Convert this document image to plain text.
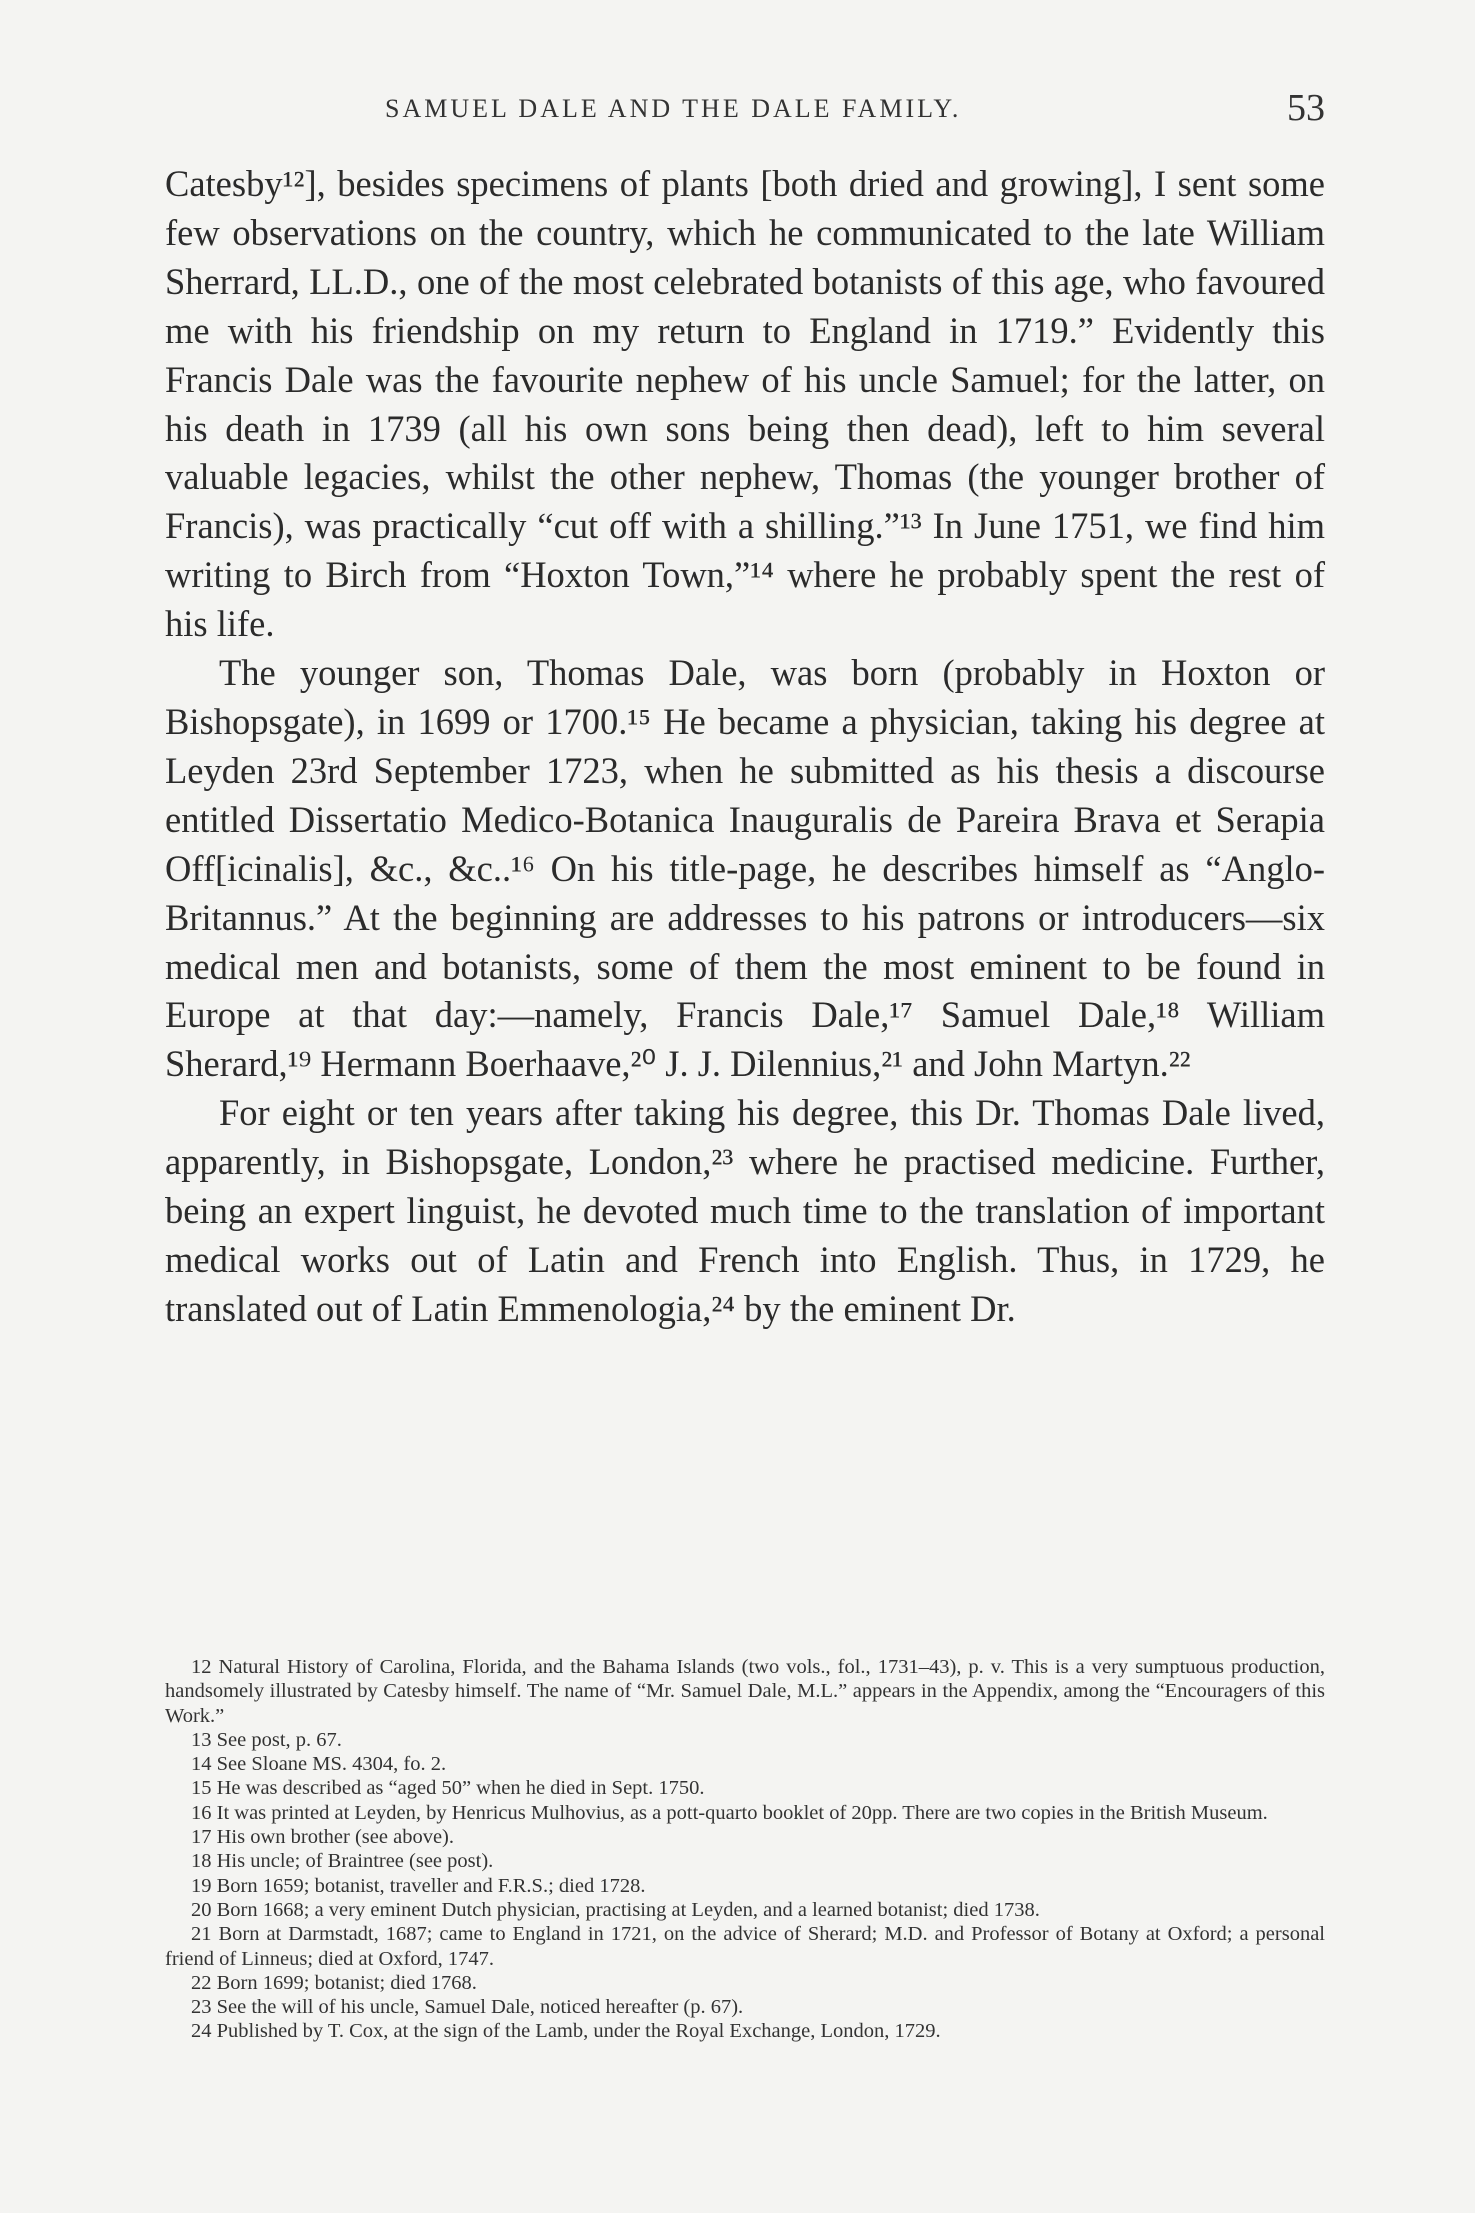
SAMUEL DALE AND THE DALE FAMILY.	53

Catesby¹²], besides specimens of plants [both dried and growing], I sent some few observations on the country, which he communicated to the late William Sherrard, LL.D., one of the most celebrated botanists of this age, who favoured me with his friendship on my return to England in 1719.” Evidently this Francis Dale was the favourite nephew of his uncle Samuel; for the latter, on his death in 1739 (all his own sons being then dead), left to him several valuable legacies, whilst the other nephew, Thomas (the younger brother of Francis), was practically “cut off with a shilling.”¹³ In June 1751, we find him writing to Birch from “Hoxton Town,”¹⁴ where he probably spent the rest of his life.

The younger son, Thomas Dale, was born (probably in Hoxton or Bishopsgate), in 1699 or 1700.¹⁵ He became a physician, taking his degree at Leyden 23rd September 1723, when he submitted as his thesis a discourse entitled Dissertatio Medico-Botanica Inauguralis de Pareira Brava et Serapia Off[icinalis], &c., &c..¹⁶ On his title-page, he describes himself as “Anglo-Britannus.” At the beginning are addresses to his patrons or introducers—six medical men and botanists, some of them the most eminent to be found in Europe at that day:—namely, Francis Dale,¹⁷ Samuel Dale,¹⁸ William Sherard,¹⁹ Hermann Boerhaave,²⁰ J. J. Dilennius,²¹ and John Martyn.²²

For eight or ten years after taking his degree, this Dr. Thomas Dale lived, apparently, in Bishopsgate, London,²³ where he practised medicine. Further, being an expert linguist, he devoted much time to the translation of important medical works out of Latin and French into English. Thus, in 1729, he translated out of Latin Emmenologia,²⁴ by the eminent Dr.

12 Natural History of Carolina, Florida, and the Bahama Islands (two vols., fol., 1731–43), p. v. This is a very sumptuous production, handsomely illustrated by Catesby himself. The name of “Mr. Samuel Dale, M.L.” appears in the Appendix, among the “Encouragers of this Work.”

13 See post, p. 67.

14 See Sloane MS. 4304, fo. 2.

15 He was described as “aged 50” when he died in Sept. 1750.

16 It was printed at Leyden, by Henricus Mulhovius, as a pott-quarto booklet of 20pp. There are two copies in the British Museum.

17 His own brother (see above).

18 His uncle; of Braintree (see post).

19 Born 1659; botanist, traveller and F.R.S.; died 1728.

20 Born 1668; a very eminent Dutch physician, practising at Leyden, and a learned botanist; died 1738.

21 Born at Darmstadt, 1687; came to England in 1721, on the advice of Sherard; M.D. and Professor of Botany at Oxford; a personal friend of Linneus; died at Oxford, 1747.

22 Born 1699; botanist; died 1768.

23 See the will of his uncle, Samuel Dale, noticed hereafter (p. 67).

24 Published by T. Cox, at the sign of the Lamb, under the Royal Exchange, London, 1729.
